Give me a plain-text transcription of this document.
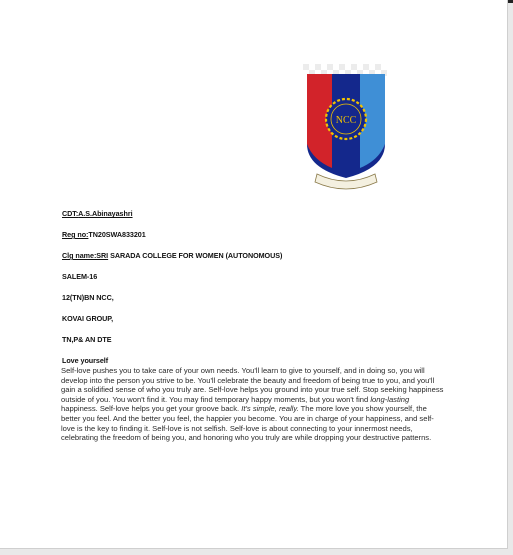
NCC
CDT:A.S.Abinayashri
Reg no:TN20SWA833201
Clg name:SRI SARADA COLLEGE FOR WOMEN (AUTONOMOUS)
SALEM-16
12(TN)BN NCC,
KOVAI GROUP,
TN,P& AN DTE
Love yourself

Self-love pushes you to take care of your own needs. You'll learn to give to yourself, and in doing so, you will develop into the person you strive to be. You'll celebrate the beauty and freedom of being true to you, and you'll gain a solidified sense of who you truly are. Self-love helps you ground into your true self. Stop seeking happiness outside of you. You won't find it. You may find temporary happy moments, but you won't find long-lasting happiness. Self-love helps you get your groove back. It's simple, really. The more love you show yourself, the better you feel. And the better you feel, the happier you become. You are in charge of your happiness, and self-love is the key to finding it. Self-love is not selfish. Self-love is about connecting to your innermost needs, celebrating the freedom of being you, and honoring who you truly are while dropping your destructive patterns.
